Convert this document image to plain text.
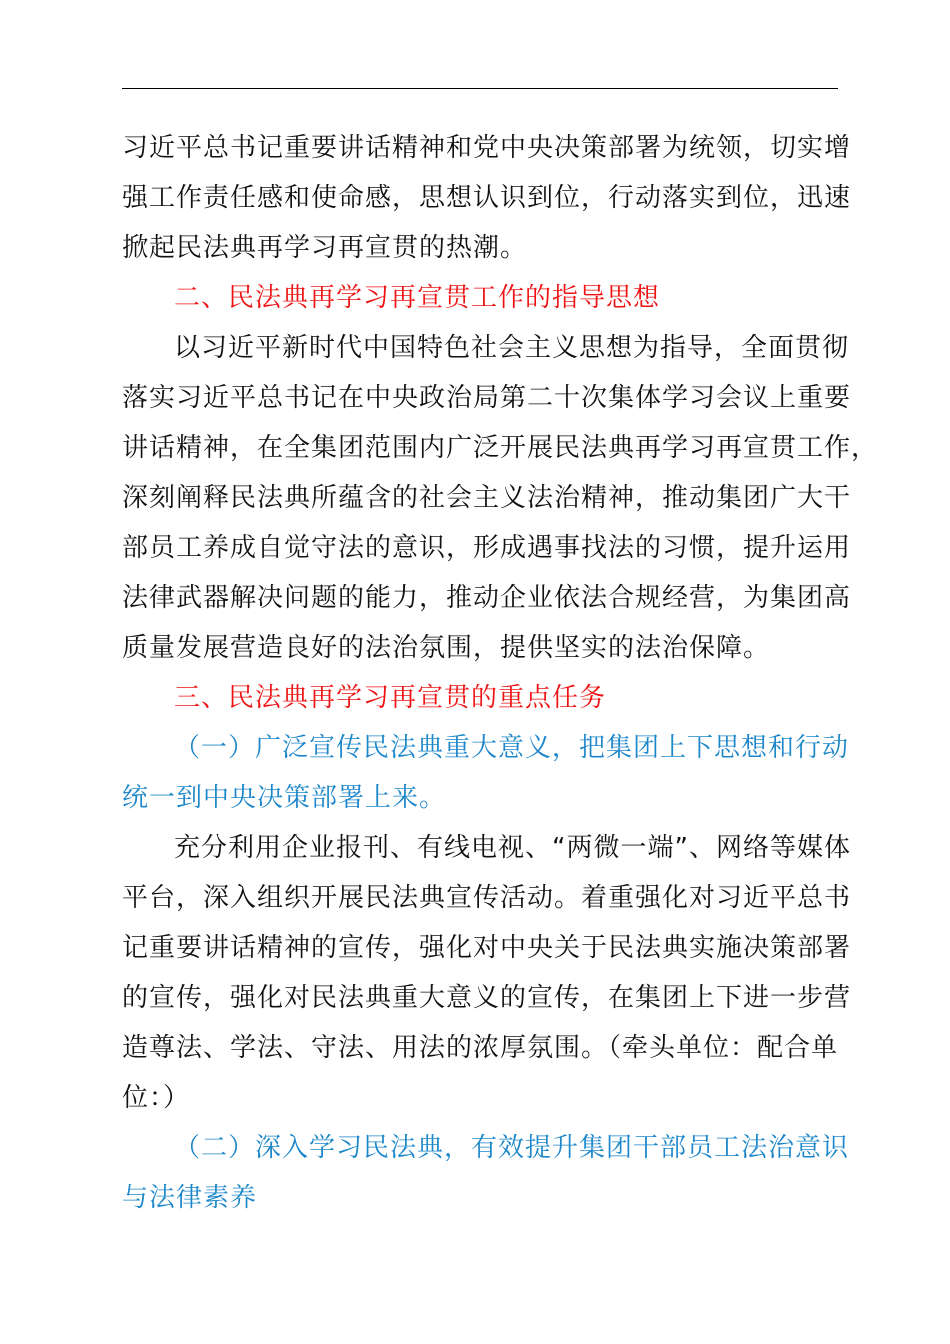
习近平总书记重要讲话精神和党中央决策部署为统领，切实增
强工作责任感和使命感，思想认识到位，行动落实到位，迅速
掀起民法典再学习再宣贯的热潮。
二、民法典再学习再宣贯工作的指导思想
以习近平新时代中国特色社会主义思想为指导，全面贯彻
落实习近平总书记在中央政治局第二十次集体学习会议上重要
讲话精神，在全集团范围内广泛开展民法典再学习再宣贯工作，
深刻阐释民法典所蕴含的社会主义法治精神，推动集团广大干
部员工养成自觉守法的意识，形成遇事找法的习惯，提升运用
法律武器解决问题的能力，推动企业依法合规经营，为集团高
质量发展营造良好的法治氛围，提供坚实的法治保障。
三、民法典再学习再宣贯的重点任务
（一）广泛宣传民法典重大意义，把集团上下思想和行动
统一到中央决策部署上来。
充分利用企业报刊、有线电视、“两微一端”、网络等媒体
平台，深入组织开展民法典宣传活动。着重强化对习近平总书
记重要讲话精神的宣传，强化对中央关于民法典实施决策部署
的宣传，强化对民法典重大意义的宣传，在集团上下进一步营
造尊法、学法、守法、用法的浓厚氛围。（牵头单位：配合单
位：）
（二）深入学习民法典，有效提升集团干部员工法治意识
与法律素养
